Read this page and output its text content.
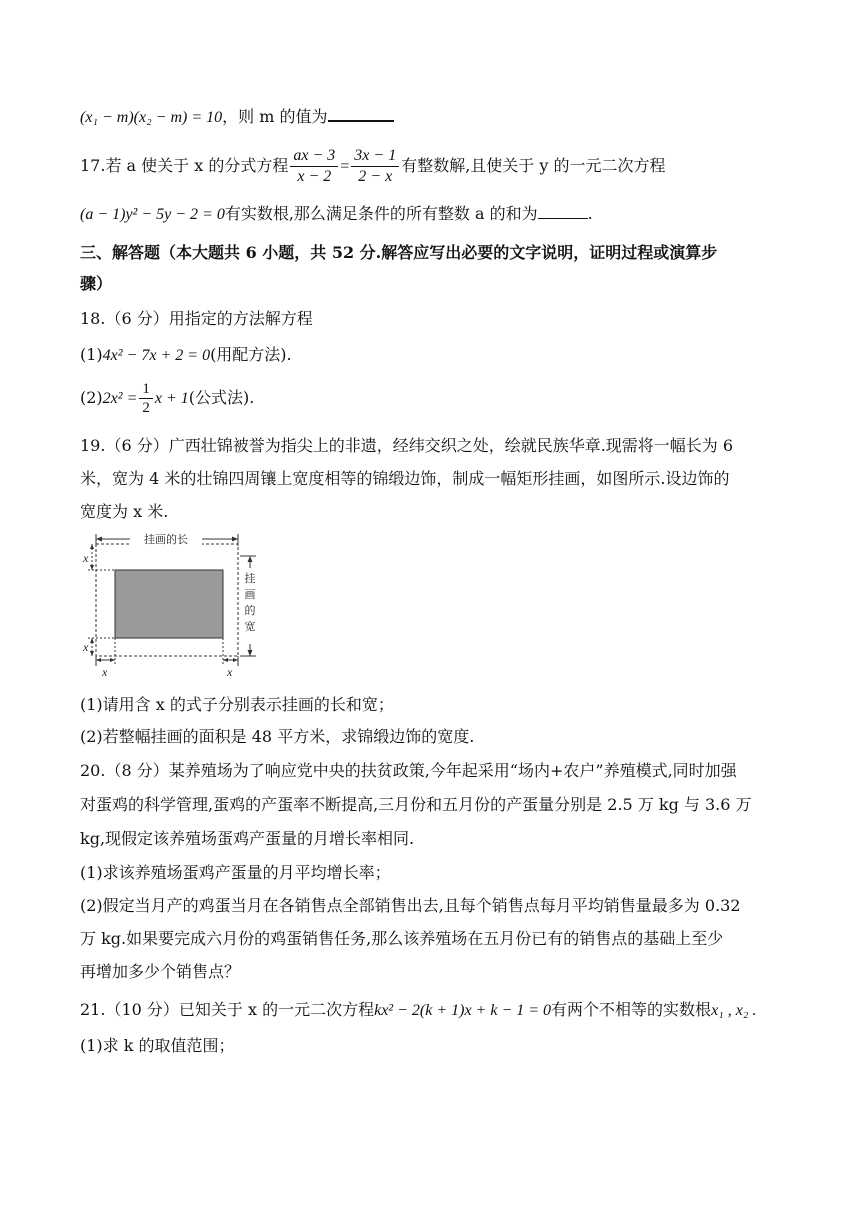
(x₁ − m)(x₂ − m) = 10，则 m 的值为
17.若 a 使关于 x 的分式方程 $\frac{ax - 3}{x - 2} = \frac{3x - 1}{2 - x}$ 有整数解,且使关于 y 的一元二次方程
(a − 1)y² − 5y − 2 = 0有实数根,那么满足条件的所有整数 a 的和为	.
三、解答题（本大题共 6 小题，共 52 分.解答应写出必要的文字说明，证明过程或演算步
骤）
18.（6 分）用指定的方法解方程
(1)4x² − 7x + 2 = 0(用配方法).
$(2)2x^2 = \frac{1}{2}$ x + 1(公式法).
19.（6 分）广西壮锦被誉为指尖上的非遗，经纬交织之处，绘就民族华章.现需将一幅长为 6
米，宽为 4 米的壮锦四周镶上宽度相等的锦缎边饰，制成一幅矩形挂画，如图所示.设边饰的
宽度为 x 米.
挂画的长
挂
画
的
宽
x
x
x	x
(1)请用含 x 的式子分别表示挂画的长和宽；
(2)若整幅挂画的面积是 48 平方米，求锦缎边饰的宽度.
20.（8 分）某养殖场为了响应党中央的扶贫政策,今年起采用“场内+农户”养殖模式,同时加强
对蛋鸡的科学管理,蛋鸡的产蛋率不断提高,三月份和五月份的产蛋量分别是 2.5 万 kg 与 3.6 万
kg,现假定该养殖场蛋鸡产蛋量的月增长率相同.
(1)求该养殖场蛋鸡产蛋量的月平均增长率；
(2)假定当月产的鸡蛋当月在各销售点全部销售出去,且每个销售点每月平均销售量最多为 0.32
万 kg.如果要完成六月份的鸡蛋销售任务,那么该养殖场在五月份已有的销售点的基础上至少
再增加多少个销售点？
21.（10 分）已知关于 x 的一元二次方程kx² − 2(k + 1)x + k − 1 = 0有两个不相等的实数根x₁ , x₂ .
(1)求 k 的取值范围；
